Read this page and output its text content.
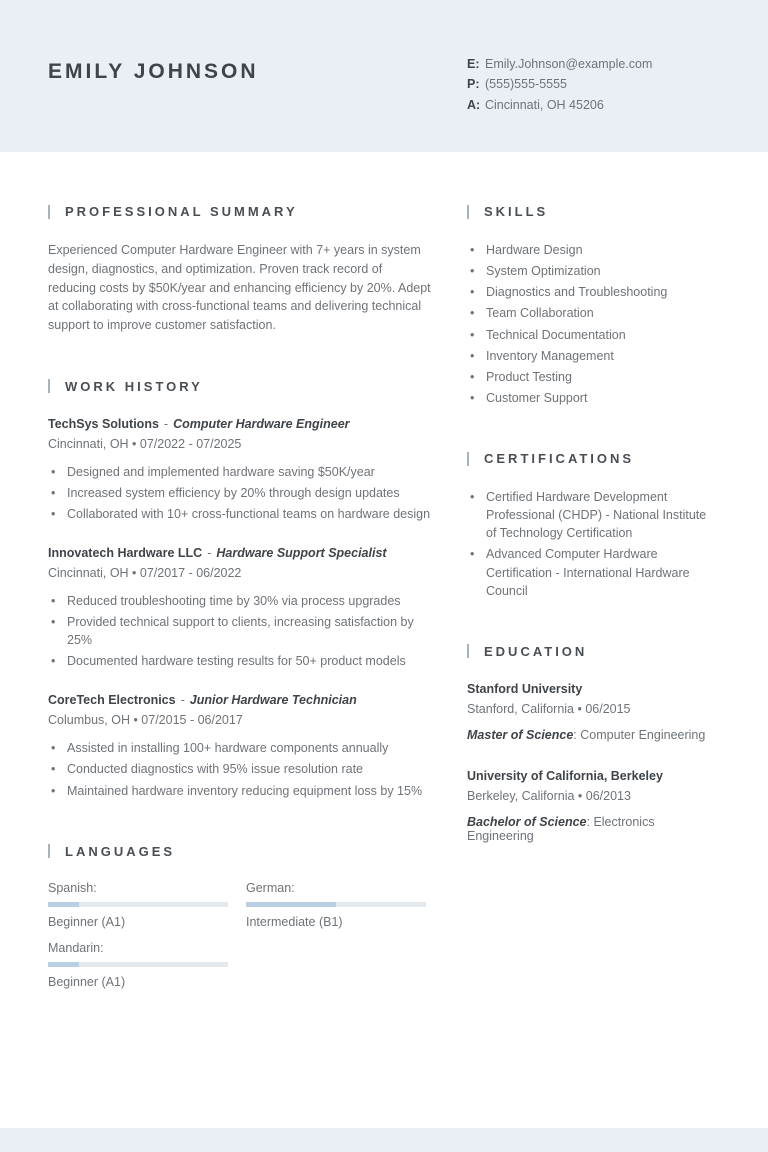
EMILY JOHNSON	E: Emily.Johnson@example.com
P: (555)555-5555
A: Cincinnati, OH 45206
PROFESSIONAL SUMMARY

Experienced Computer Hardware Engineer with 7+ years in system design, diagnostics, and optimization. Proven track record of reducing costs by $50K/year and enhancing efficiency by 20%. Adept at collaborating with cross-functional teams and delivering technical support to improve customer satisfaction.

WORK HISTORY
TechSys Solutions - Computer Hardware Engineer
Cincinnati, OH • 07/2022 - 07/2025
• Designed and implemented hardware saving $50K/year
• Increased system efficiency by 20% through design updates
• Collaborated with 10+ cross-functional teams on hardware design
Innovatech Hardware LLC - Hardware Support Specialist
Cincinnati, OH • 07/2017 - 06/2022
• Reduced troubleshooting time by 30% via process upgrades
• Provided technical support to clients, increasing satisfaction by 25%
• Documented hardware testing results for 50+ product models
CoreTech Electronics - Junior Hardware Technician
Columbus, OH • 07/2015 - 06/2017
• Assisted in installing 100+ hardware components annually
• Conducted diagnostics with 95% issue resolution rate
• Maintained hardware inventory reducing equipment loss by 15%
LANGUAGES
Spanish:
Beginner (A1)
German:
Intermediate (B1)
Mandarin:
Beginner (A1)
SKILLS
• Hardware Design
• System Optimization
• Diagnostics and Troubleshooting
• Team Collaboration
• Technical Documentation
• Inventory Management
• Product Testing
• Customer Support
CERTIFICATIONS
• Certified Hardware Development Professional (CHDP) - National Institute of Technology Certification
• Advanced Computer Hardware Certification - International Hardware Council
EDUCATION
Stanford University
Stanford, California • 06/2015
Master of Science: Computer Engineering
University of California, Berkeley
Berkeley, California • 06/2013
Bachelor of Science: Electronics Engineering
